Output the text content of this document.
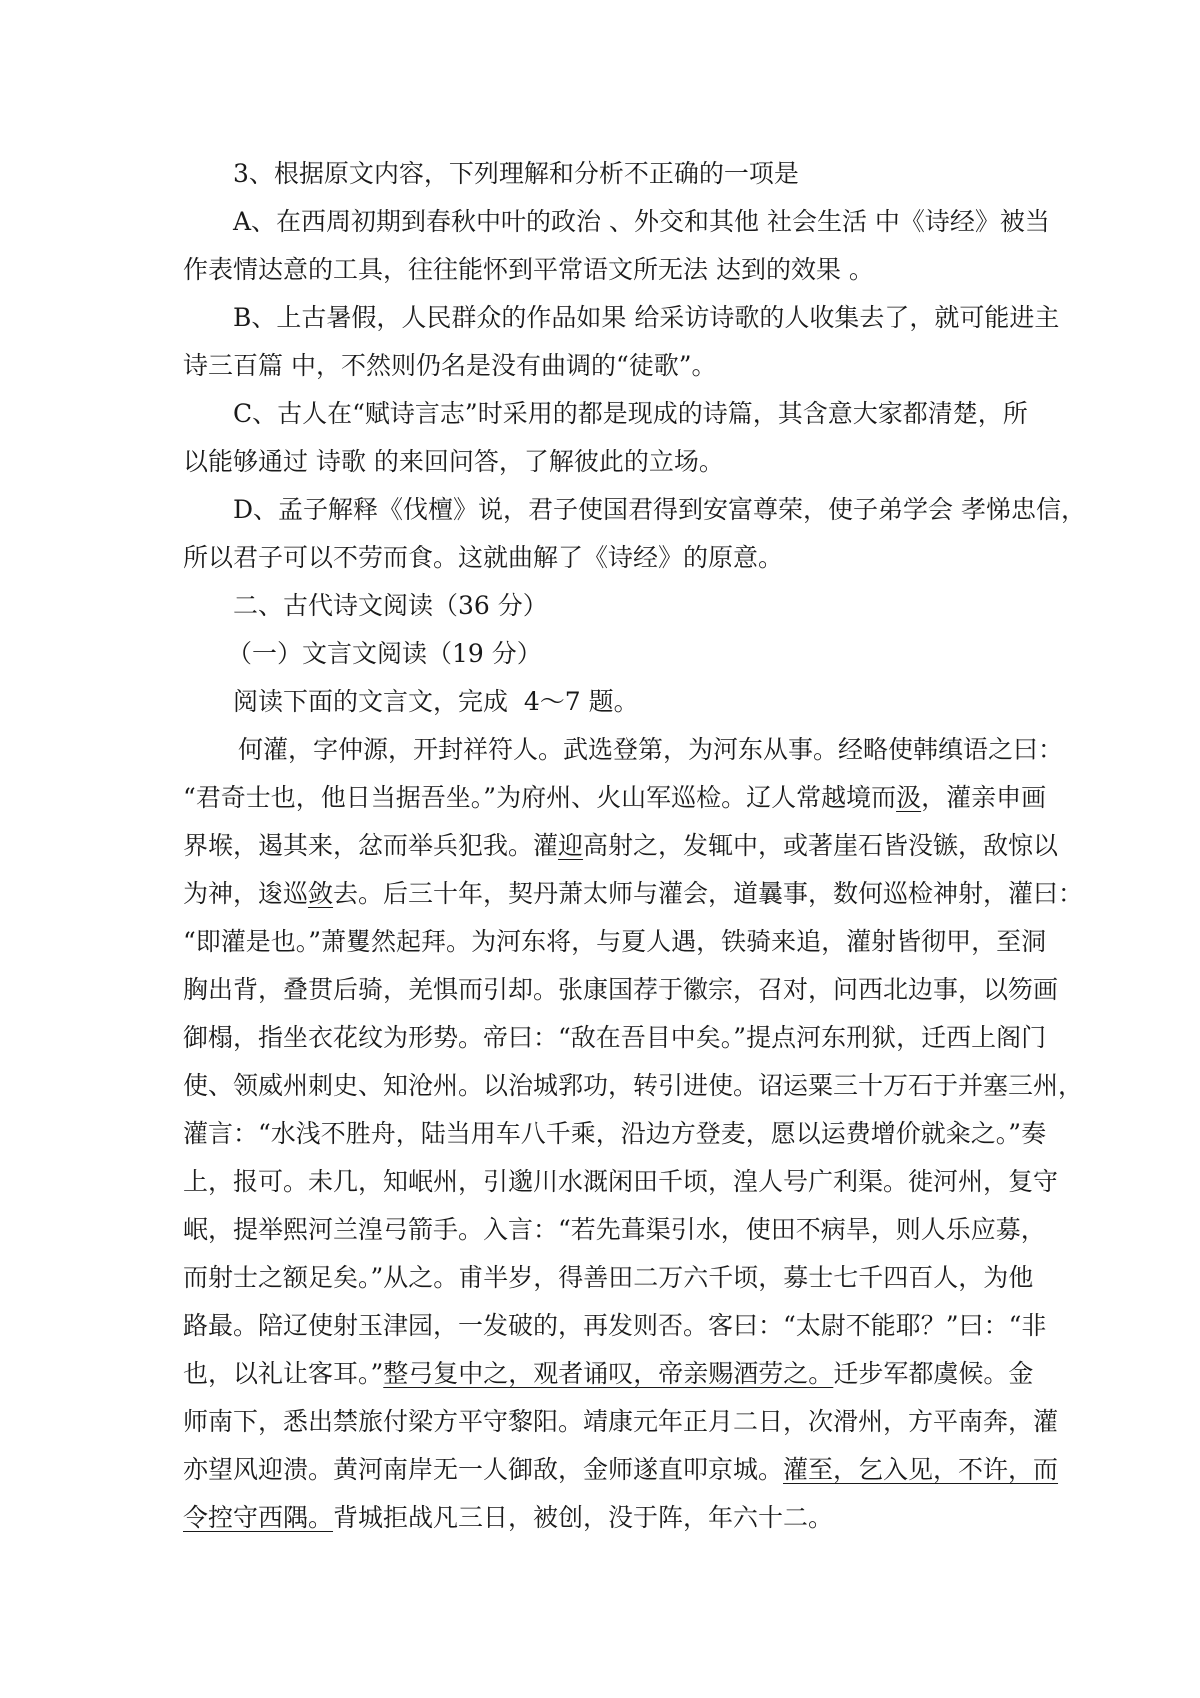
3、根据原文内容，下列理解和分析不正确的一项是
A、在西周初期到春秋中叶的政治 、外交和其他 社会生活 中《诗经》被当
作表情达意的工具，往往能怀到平常语文所无法 达到的效果 。
B、上古暑假，人民群众的作品如果 给采访诗歌的人收集去了，就可能进主
诗三百篇 中，不然则仍名是没有曲调的“徒歌”。
C、古人在“赋诗言志”时采用的都是现成的诗篇，其含意大家都清楚，所
以能够通过 诗歌 的来回问答，了解彼此的立场。
D、孟子解释《伐檀》说，君子使国君得到安富尊荣，使子弟学会 孝悌忠信，
所以君子可以不劳而食。这就曲解了《诗经》的原意。
二、古代诗文阅读（36 分）
（一）文言文阅读（19 分）
阅读下面的文言文，完成  4～7 题。
何灌，字仲源，开封祥符人。武选登第，为河东从事。经略使韩缜语之曰：
“君奇士也，他日当据吾坐。”为府州、火山军巡检。辽人常越境而汲，灌亲申画
界堠，遏其来，忿而举兵犯我。灌迎高射之，发辄中，或著崖石皆没镞，敌惊以
为神，逡巡敛去。后三十年，契丹萧太师与灌会，道曩事，数何巡检神射，灌曰：
“即灌是也。”萧矍然起拜。为河东将，与夏人遇，铁骑来追，灌射皆彻甲，至洞
胸出背，叠贯后骑，羌惧而引却。张康国荐于徽宗，召对，问西北边事，以笏画
御榻，指坐衣花纹为形势。帝曰：“敌在吾目中矣。”提点河东刑狱，迁西上阁门
使、领威州刺史、知沧州。以治城郛功，转引进使。诏运粟三十万石于并塞三州，
灌言：“水浅不胜舟，陆当用车八千乘，沿边方登麦，愿以运费增价就籴之。”奏
上，报可。未几，知岷州，引邈川水溉闲田千顷，湟人号广利渠。徙河州，复守
岷，提举熙河兰湟弓箭手。入言：“若先葺渠引水，使田不病旱，则人乐应募，
而射士之额足矣。”从之。甫半岁，得善田二万六千顷，募士七千四百人，为他
路最。陪辽使射玉津园，一发破的，再发则否。客曰：“太尉不能耶？”曰：“非
也，以礼让客耳。”整弓复中之，观者诵叹，帝亲赐酒劳之。迁步军都虞候。金
师南下，悉出禁旅付梁方平守黎阳。靖康元年正月二日，次滑州，方平南奔，灌
亦望风迎溃。黄河南岸无一人御敌，金师遂直叩京城。灌至，乞入见，不许，而
令控守西隅。背城拒战凡三日，被创，没于阵，年六十二。
